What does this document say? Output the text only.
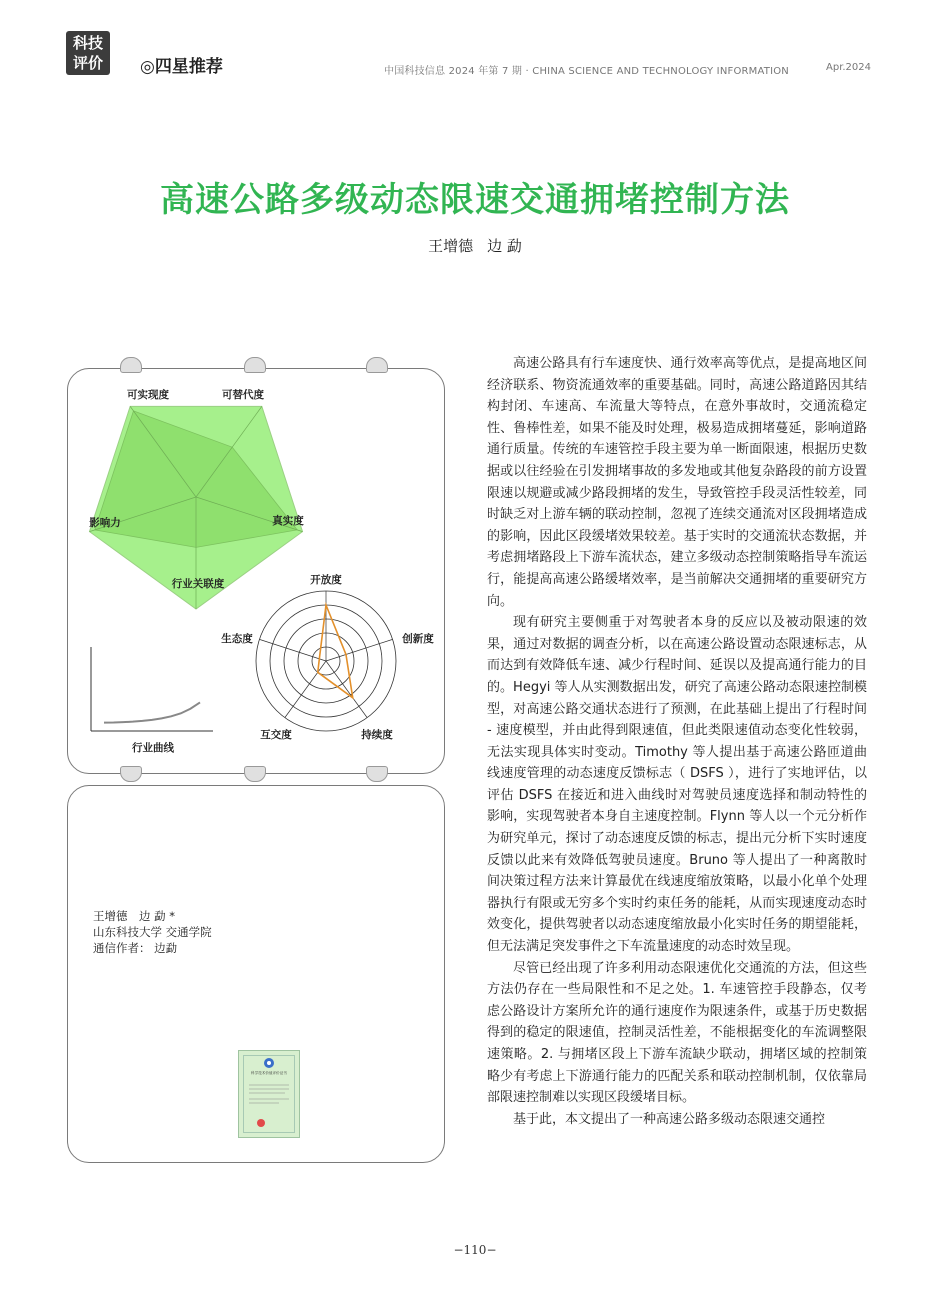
科技
评价	◎四星推荐	中国科技信息 2024 年第 7 期 · CHINA SCIENCE AND TECHNOLOGY INFORMATION	Apr.2024
高速公路多级动态限速交通拥堵控制方法
王增德 边 勐
可实现度	可替代度
真实度
行业关联度
影响力
开放度
创新度
持续度
互交度
生态度
行业曲线
王增德　边 勐 *
山东科技大学 交通学院
通信作者： 边勐
科学技术价值评价证书

高速公路具有行车速度快、通行效率高等优点，是提高地区间经济联系、物资流通效率的重要基础。同时，高速公路道路因其结构封闭、车速高、车流量大等特点，在意外事故时，交通流稳定性、鲁棒性差，如果不能及时处理，极易造成拥堵蔓延，影响道路通行质量。传统的车速管控手段主要为单一断面限速，根据历史数据或以往经验在引发拥堵事故的多发地或其他复杂路段的前方设置限速以规避或减少路段拥堵的发生，导致管控手段灵活性较差，同时缺乏对上游车辆的联动控制，忽视了连续交通流对区段拥堵造成的影响，因此区段缓堵效果较差。基于实时的交通流状态数据，并考虑拥堵路段上下游车流状态，建立多级动态控制策略指导车流运行，能提高高速公路缓堵效率，是当前解决交通拥堵的重要研究方向。

现有研究主要侧重于对驾驶者本身的反应以及被动限速的效果，通过对数据的调查分析，以在高速公路设置动态限速标志，从而达到有效降低车速、减少行程时间、延误以及提高通行能力的目的。Hegyi 等人从实测数据出发，研究了高速公路动态限速控制模型，对高速公路交通状态进行了预测，在此基础上提出了行程时间 - 速度模型，并由此得到限速值，但此类限速值动态变化性较弱，无法实现具体实时变动。Timothy 等人提出基于高速公路匝道曲线速度管理的动态速度反馈标志（ DSFS ），进行了实地评估，以评估 DSFS 在接近和进入曲线时对驾驶员速度选择和制动特性的影响，实现驾驶者本身自主速度控制。Flynn 等人以一个元分析作为研究单元，探讨了动态速度反馈的标志，提出元分析下实时速度反馈以此来有效降低驾驶员速度。Bruno 等人提出了一种离散时间决策过程方法来计算最优在线速度缩放策略，以最小化单个处理器执行有限或无穷多个实时约束任务的能耗，从而实现速度动态时效变化，提供驾驶者以动态速度缩放最小化实时任务的期望能耗，但无法满足突发事件之下车流量速度的动态时效呈现。

尽管已经出现了许多利用动态限速优化交通流的方法，但这些方法仍存在一些局限性和不足之处。1. 车速管控手段静态，仅考虑公路设计方案所允许的通行速度作为限速条件，或基于历史数据得到的稳定的限速值，控制灵活性差，不能根据变化的车流调整限速策略。2. 与拥堵区段上下游车流缺少联动，拥堵区域的控制策略少有考虑上下游通行能力的匹配关系和联动控制机制，仅依靠局部限速控制难以实现区段缓堵目标。

基于此，本文提出了一种高速公路多级动态限速交通控

−110−
